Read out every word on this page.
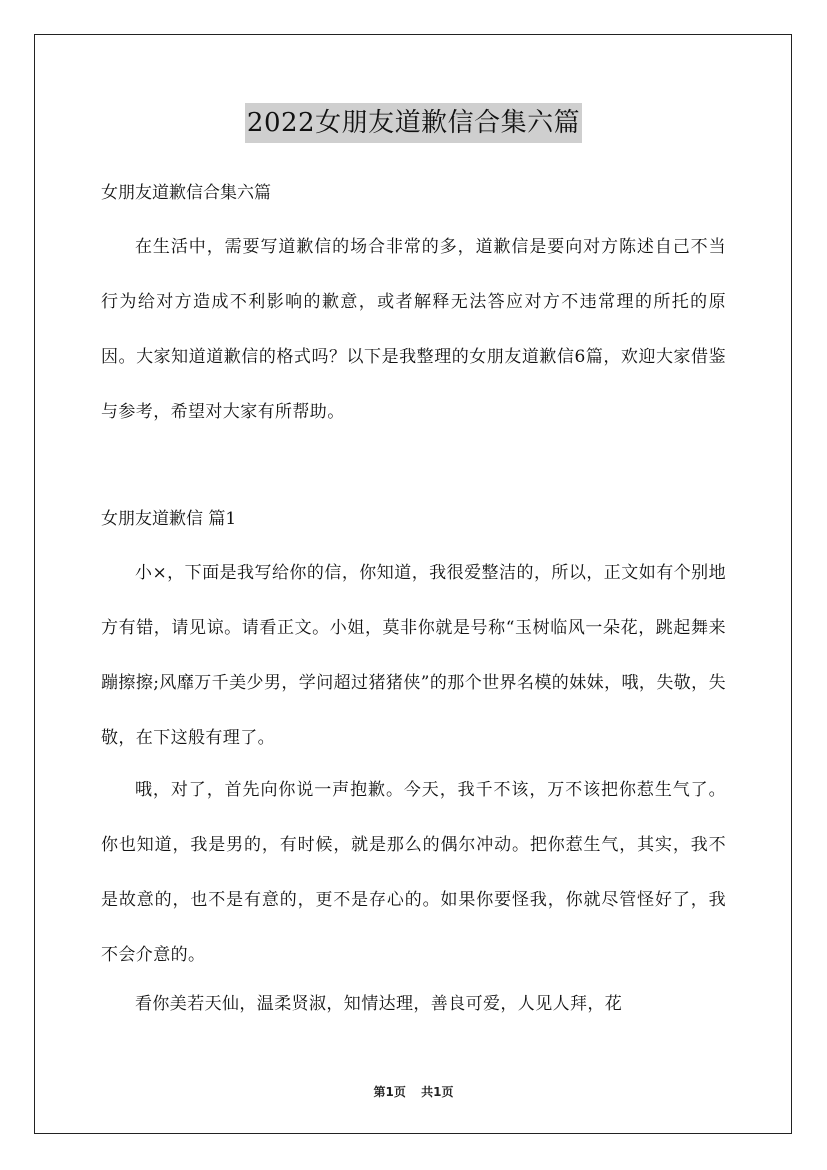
2022女朋友道歉信合集六篇
女朋友道歉信合集六篇

在生活中，需要写道歉信的场合非常的多，道歉信是要向对方陈述自己不当行为给对方造成不利影响的歉意，或者解释无法答应对方不违常理的所托的原因。大家知道道歉信的格式吗？以下是我整理的女朋友道歉信6篇，欢迎大家借鉴与参考，希望对大家有所帮助。

女朋友道歉信 篇1

小×，下面是我写给你的信，你知道，我很爱整洁的，所以，正文如有个别地方有错，请见谅。请看正文。小姐，莫非你就是号称“玉树临风一朵花，跳起舞来蹦擦擦;风靡万千美少男，学问超过猪猪侠”的那个世界名模的妹妹，哦，失敬，失敬，在下这般有理了。

哦，对了，首先向你说一声抱歉。今天，我千不该，万不该把你惹生气了。你也知道，我是男的，有时候，就是那么的偶尔冲动。把你惹生气，其实，我不是故意的，也不是有意的，更不是存心的。如果你要怪我，你就尽管怪好了，我不会介意的。

看你美若天仙，温柔贤淑，知情达理，善良可爱，人见人拜，花

第1页 共1页
